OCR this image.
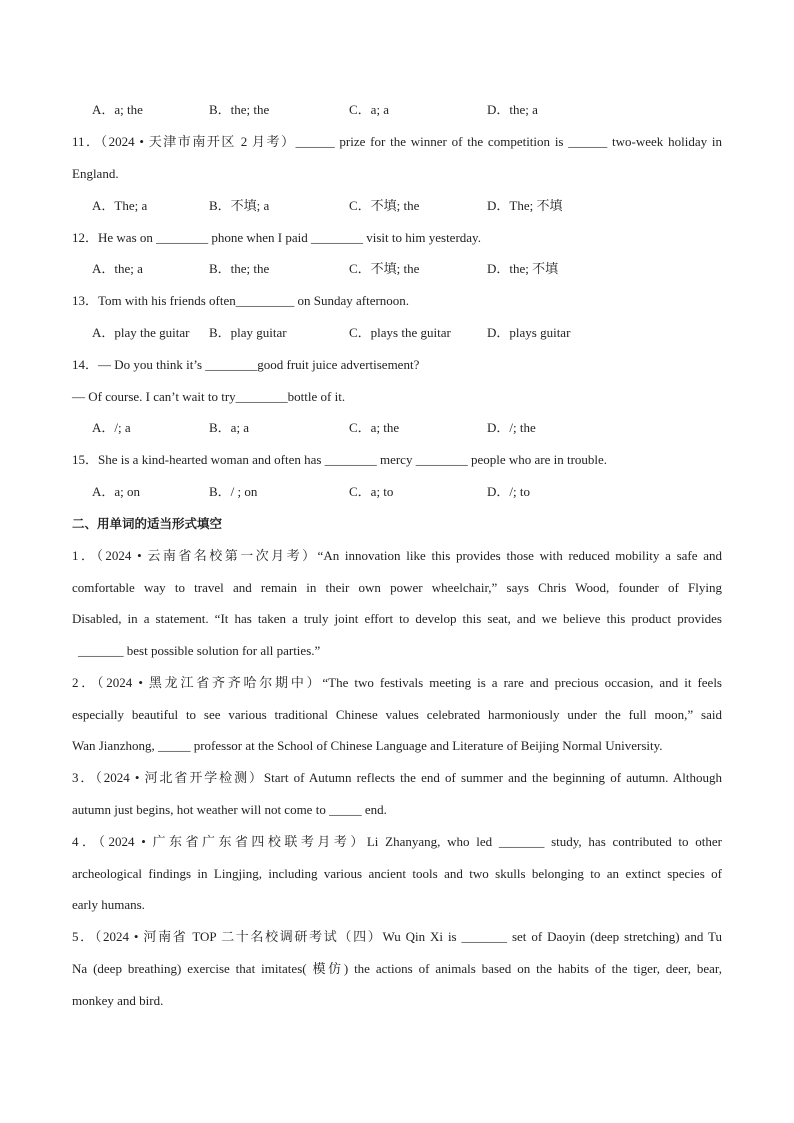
A．a; the	B．the; the	C．a; a	D．the; a
11．（2024 • 天津市南开区 2 月考）______ prize for the winner of the competition is ______ two-week holiday in
England.
A．The; a	B．不填; a	C．不填; the	D．The; 不填
12．He was on ________ phone when I paid ________ visit to him yesterday.
A．the; a	B．the; the	C．不填; the	D．the; 不填
13．Tom with his friends often_________ on Sunday afternoon.
A．play the guitar B．play guitar	C．plays the guitar	D．plays guitar
14．— Do you think it’s ________good fruit juice advertisement?
— Of course. I can’t wait to try________bottle of it.
A．/; a	B．a; a	C．a; the	D．/; the
15．She is a kind-hearted woman and often has ________ mercy ________ people who are in trouble.
A．a; on	B．/ ; on	C．a; to	D．/; to
二、用单词的适当形式填空
1．（2024 • 云南省名校第一次月考）“An innovation like this provides those with reduced mobility a safe and
comfortable way to travel and remain in their own power wheelchair,” says Chris Wood, founder of Flying
Disabled, in a statement. “It has taken a truly joint effort to develop this seat, and we believe this product provides
_______ best possible solution for all parties.”
2．（2024 • 黑龙江省齐齐哈尔期中）“The two festivals meeting is a rare and precious occasion, and it feels
especially beautiful to see various traditional Chinese values celebrated harmoniously under the full moon,” said
Wan Jianzhong, _____ professor at the School of Chinese Language and Literature of Beijing Normal University.
3．（2024 • 河北省开学检测）Start of Autumn reflects the end of summer and the beginning of autumn. Although
autumn just begins, hot weather will not come to _____ end.
4．（2024 • 广东省广东省四校联考月考）Li Zhanyang, who led _______ study, has contributed to other
archeological findings in Lingjing, including various ancient tools and two skulls belonging to an extinct species of
early humans.
5．（2024 • 河南省 TOP 二十名校调研考试（四）Wu Qin Xi is _______ set of Daoyin (deep stretching) and Tu
Na (deep breathing) exercise that imitates( 模仿) the actions of animals based on the habits of the tiger, deer, bear,
monkey and bird.
